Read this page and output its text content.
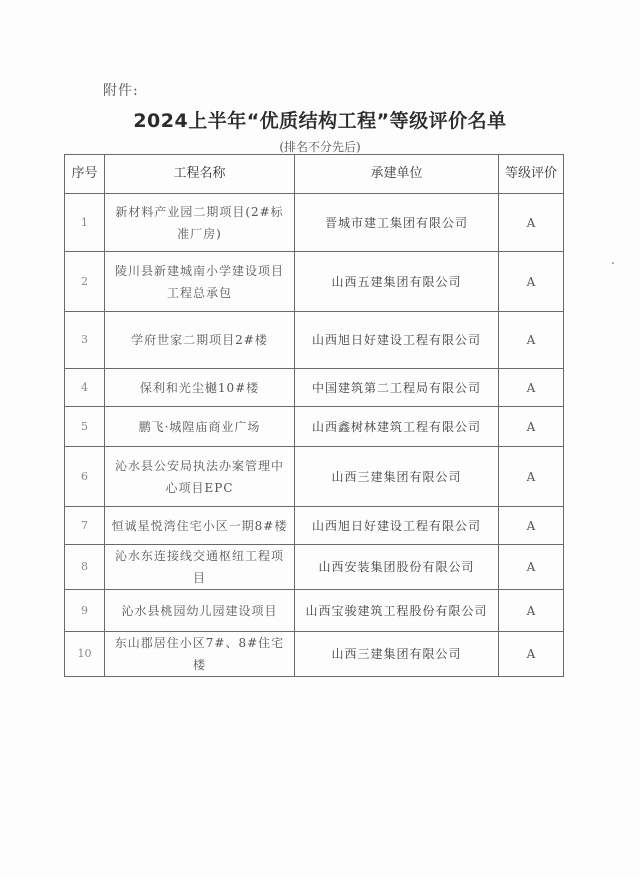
附件:
2024上半年“优质结构工程”等级评价名单
(排名不分先后)
序号	工程名称	承建单位	等级评价
1	新材料产业园二期项目(2#标准厂房)	晋城市建工集团有限公司	A
2	陵川县新建城南小学建设项目工程总承包	山西五建集团有限公司	A
3	学府世家二期项目2#楼	山西旭日好建设工程有限公司	A
4	保利和光尘樾10#楼	中国建筑第二工程局有限公司	A
5	鹏飞·城隍庙商业广场	山西鑫树林建筑工程有限公司	A
6	沁水县公安局执法办案管理中心项目EPC	山西三建集团有限公司	A
7	恒诚星悦湾住宅小区一期8#楼	山西旭日好建设工程有限公司	A
8	沁水东连接线交通枢纽工程项目	山西安装集团股份有限公司	A
9	沁水县桃园幼儿园建设项目	山西宝骏建筑工程股份有限公司	A
10	东山郡居住小区7#、8#住宅楼	山西三建集团有限公司	A
